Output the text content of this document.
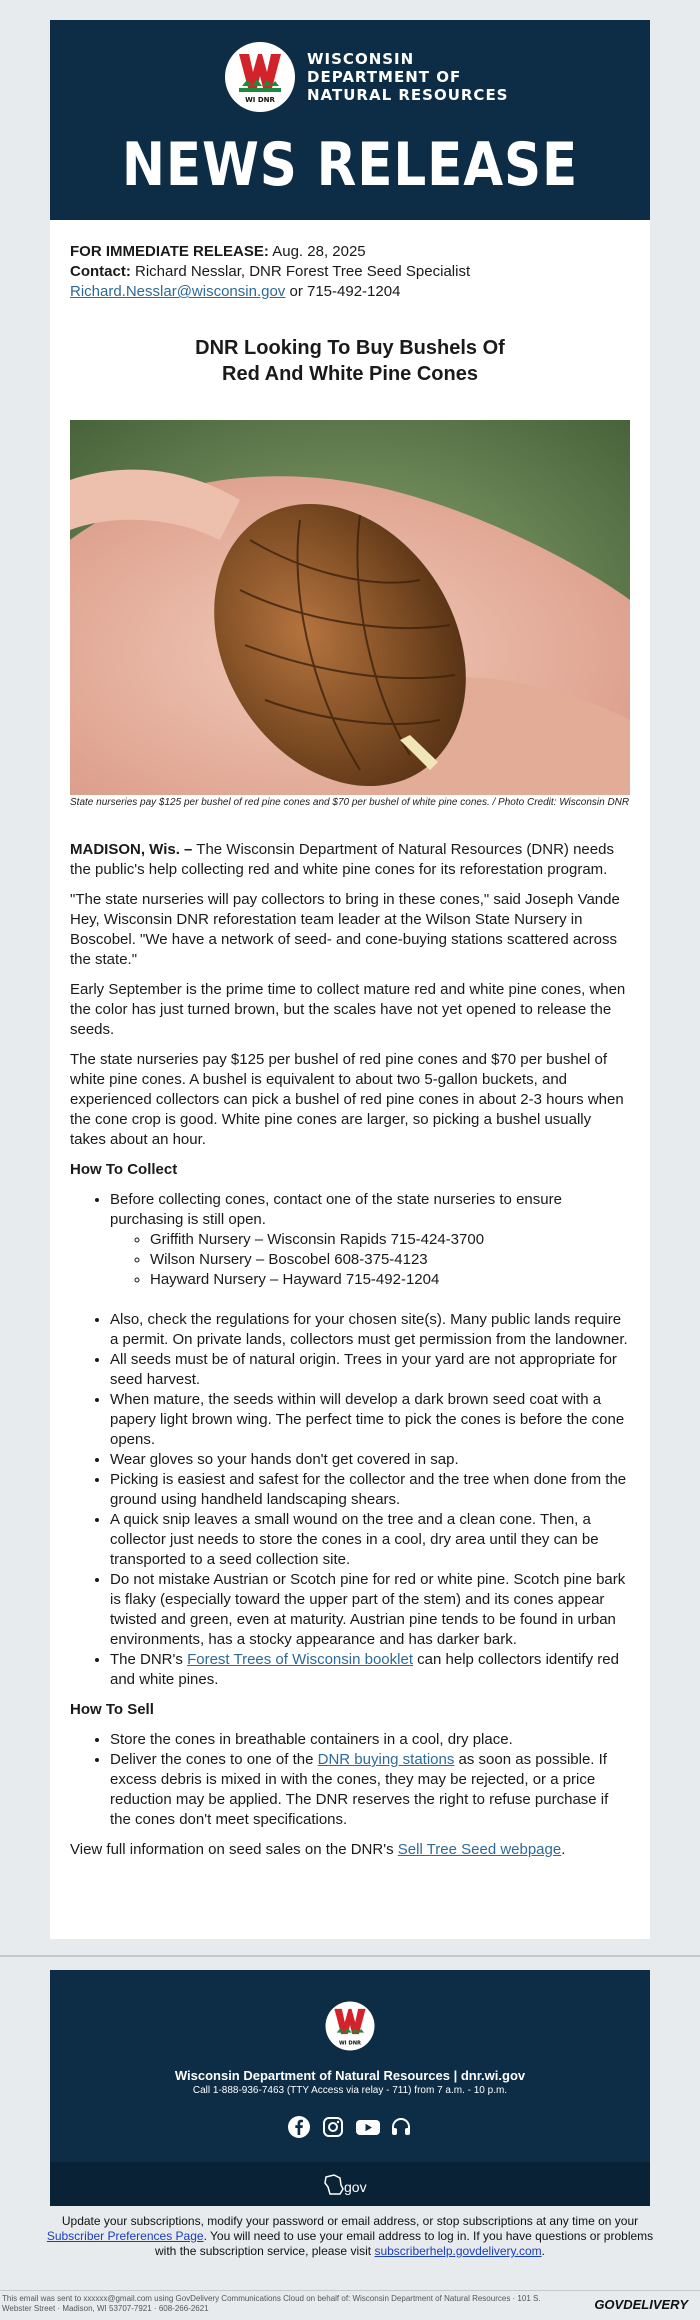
WI DNR
WISCONSIN
DEPARTMENT OF
NATURAL RESOURCES
NEWS RELEASE
FOR IMMEDIATE RELEASE: Aug. 28, 2025
Contact: Richard Nesslar, DNR Forest Tree Seed Specialist
Richard.Nesslar@wisconsin.gov or 715-492-1204
DNR Looking To Buy Bushels Of
Red And White Pine Cones
State nurseries pay $125 per bushel of red pine cones and $70 per bushel of white pine cones. / Photo Credit: Wisconsin DNR

MADISON, Wis. – The Wisconsin Department of Natural Resources (DNR) needs the public's help collecting red and white pine cones for its reforestation program.

"The state nurseries will pay collectors to bring in these cones," said Joseph Vande Hey, Wisconsin DNR reforestation team leader at the Wilson State Nursery in Boscobel. "We have a network of seed- and cone-buying stations scattered across the state."

Early September is the prime time to collect mature red and white pine cones, when the color has just turned brown, but the scales have not yet opened to release the seeds.

The state nurseries pay $125 per bushel of red pine cones and $70 per bushel of white pine cones. A bushel is equivalent to about two 5-gallon buckets, and experienced collectors can pick a bushel of red pine cones in about 2-3 hours when the cone crop is good. White pine cones are larger, so picking a bushel usually takes about an hour.

How To Collect
• Before collecting cones, contact one of the state nurseries to ensure purchasing is still open.
◦ Griffith Nursery – Wisconsin Rapids 715-424-3700
◦ Wilson Nursery – Boscobel 608-375-4123
◦ Hayward Nursery – Hayward 715-492-1204
• Also, check the regulations for your chosen site(s). Many public lands require a permit. On private lands, collectors must get permission from the landowner.
• All seeds must be of natural origin. Trees in your yard are not appropriate for seed harvest.
• When mature, the seeds within will develop a dark brown seed coat with a papery light brown wing. The perfect time to pick the cones is before the cone opens.
• Wear gloves so your hands don't get covered in sap.
• Picking is easiest and safest for the collector and the tree when done from the ground using handheld landscaping shears.
• A quick snip leaves a small wound on the tree and a clean cone. Then, a collector just needs to store the cones in a cool, dry area until they can be transported to a seed collection site.
• Do not mistake Austrian or Scotch pine for red or white pine. Scotch pine bark is flaky (especially toward the upper part of the stem) and its cones appear twisted and green, even at maturity. Austrian pine tends to be found in urban environments, has a stocky appearance and has darker bark.
• The DNR's Forest Trees of Wisconsin booklet can help collectors identify red and white pines.
How To Sell
• Store the cones in breathable containers in a cool, dry place.
• Deliver the cones to one of the DNR buying stations as soon as possible. If excess debris is mixed in with the cones, they may be rejected, or a price reduction may be applied. The DNR reserves the right to refuse purchase if the cones don't meet specifications.

View full information on seed sales on the DNR's Sell Tree Seed webpage.

WI DNR
Wisconsin Department of Natural Resources | dnr.wi.gov
Call 1-888-936-7463 (TTY Access via relay - 711) from 7 a.m. - 10 p.m.
gov
Update your subscriptions, modify your password or email address, or stop subscriptions at any time on your Subscriber Preferences Page. You will need to use your email address to log in. If you have questions or problems with the subscription service, please visit subscriberhelp.govdelivery.com.
This email was sent to xxxxxx@gmail.com using GovDelivery Communications Cloud on behalf of: Wisconsin Department of Natural Resources · 101 S. Webster Street · Madison, WI 53707-7921 · 608-266-2621	GOVDELIVERY
